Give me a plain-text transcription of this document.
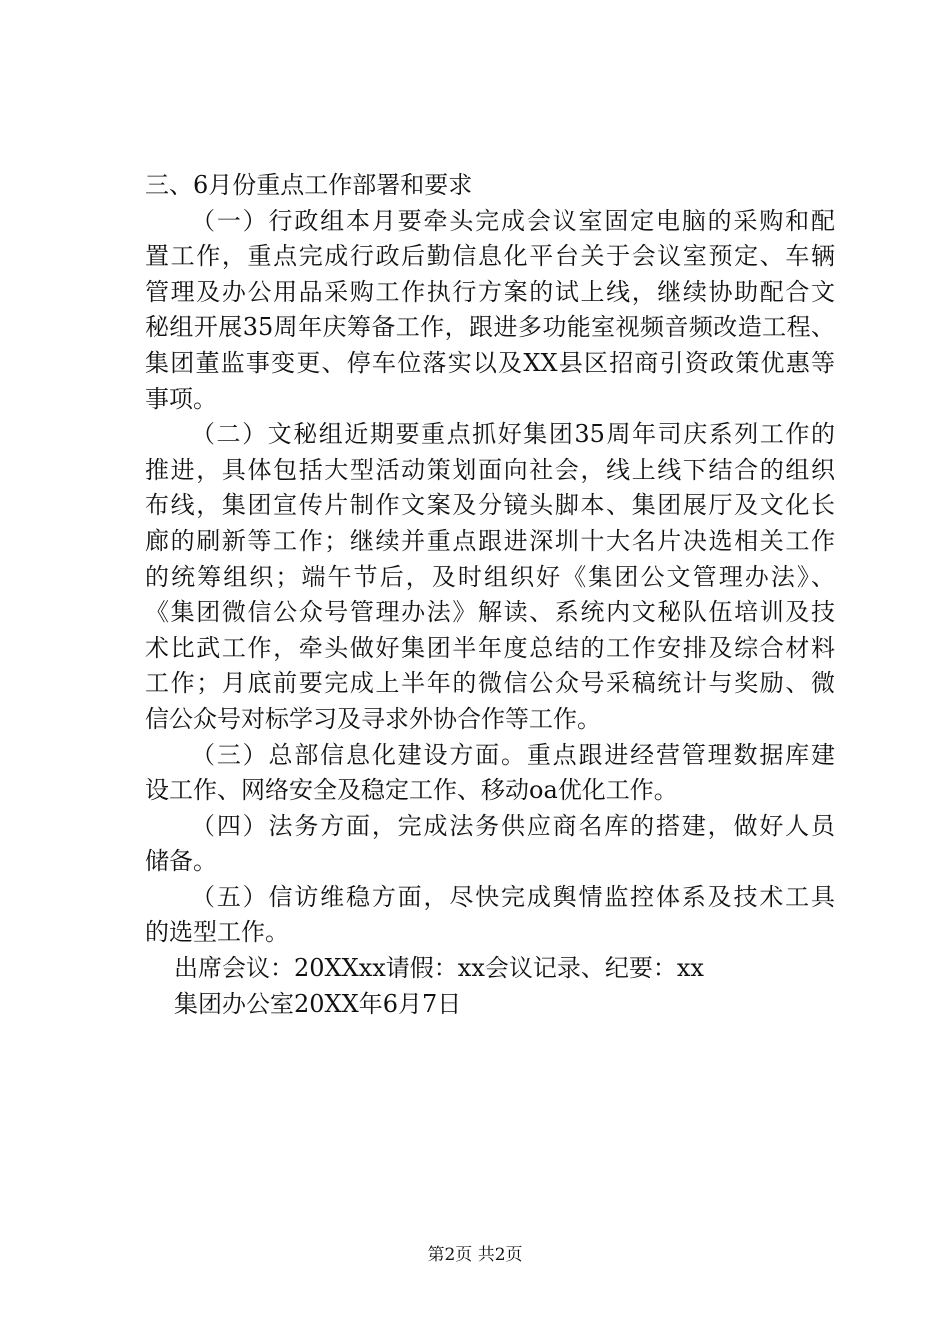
三、6月份重点工作部署和要求
（一）行政组本月要牵头完成会议室固定电脑的采购和配
置工作，重点完成行政后勤信息化平台关于会议室预定、车辆
管理及办公用品采购工作执行方案的试上线，继续协助配合文
秘组开展35周年庆筹备工作，跟进多功能室视频音频改造工程、
集团董监事变更、停车位落实以及XX县区招商引资政策优惠等
事项。
（二）文秘组近期要重点抓好集团35周年司庆系列工作的
推进，具体包括大型活动策划面向社会，线上线下结合的组织
布线，集团宣传片制作文案及分镜头脚本、集团展厅及文化长
廊的刷新等工作；继续并重点跟进深圳十大名片决选相关工作
的统筹组织；端午节后，及时组织好《集团公文管理办法》、
《集团微信公众号管理办法》解读、系统内文秘队伍培训及技
术比武工作，牵头做好集团半年度总结的工作安排及综合材料
工作；月底前要完成上半年的微信公众号采稿统计与奖励、微
信公众号对标学习及寻求外协合作等工作。
（三）总部信息化建设方面。重点跟进经营管理数据库建
设工作、网络安全及稳定工作、移动oa优化工作。
（四）法务方面，完成法务供应商名库的搭建，做好人员
储备。
（五）信访维稳方面，尽快完成舆情监控体系及技术工具
的选型工作。
出席会议：20XXxx请假：xx会议记录、纪要：xx
集团办公室20XX年6月7日
第2页 共2页
